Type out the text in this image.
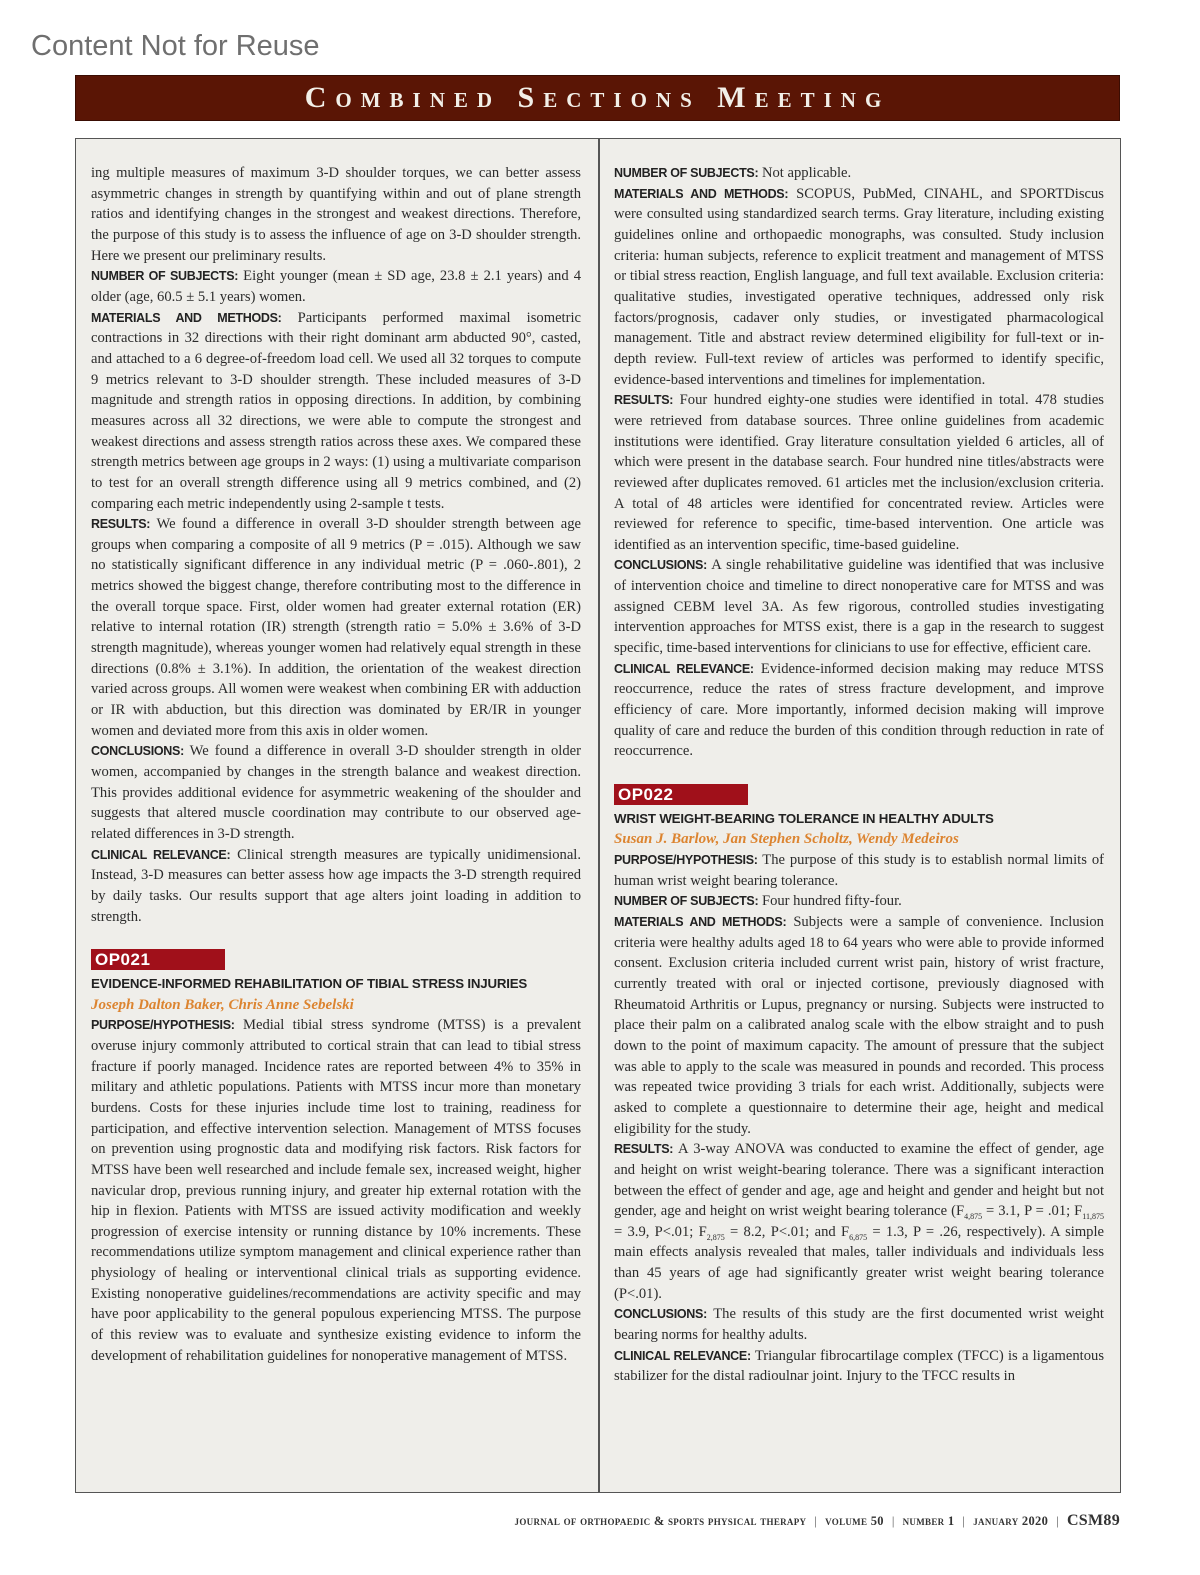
Content Not for Reuse
Combined Sections Meeting

ing multiple measures of maximum 3-D shoulder torques, we can better assess asymmetric changes in strength by quantifying within and out of plane strength ratios and identifying changes in the strongest and weakest directions. Therefore, the purpose of this study is to assess the influence of age on 3-D shoulder strength. Here we present our preliminary results.

NUMBER OF SUBJECTS: Eight younger (mean ± SD age, 23.8 ± 2.1 years) and 4 older (age, 60.5 ± 5.1 years) women.

MATERIALS AND METHODS: Participants performed maximal isometric contractions in 32 directions with their right dominant arm abducted 90°, casted, and attached to a 6 degree-of-freedom load cell. We used all 32 torques to compute 9 metrics relevant to 3-D shoulder strength. These included measures of 3-D magnitude and strength ratios in opposing directions. In addition, by combining measures across all 32 directions, we were able to compute the strongest and weakest directions and assess strength ratios across these axes. We compared these strength metrics between age groups in 2 ways: (1) using a multivariate comparison to test for an overall strength difference using all 9 metrics combined, and (2) comparing each metric independently using 2-sample t tests.

RESULTS: We found a difference in overall 3-D shoulder strength between age groups when comparing a composite of all 9 metrics (P = .015). Although we saw no statistically significant difference in any individual metric (P = .060-.801), 2 metrics showed the biggest change, therefore contributing most to the difference in the overall torque space. First, older women had greater external rotation (ER) relative to internal rotation (IR) strength (strength ratio = 5.0% ± 3.6% of 3-D strength magnitude), whereas younger women had relatively equal strength in these directions (0.8% ± 3.1%). In addition, the orientation of the weakest direction varied across groups. All women were weakest when combining ER with adduction or IR with abduction, but this direction was dominated by ER/IR in younger women and deviated more from this axis in older women.

CONCLUSIONS: We found a difference in overall 3-D shoulder strength in older women, accompanied by changes in the strength balance and weakest direction. This provides additional evidence for asymmetric weakening of the shoulder and suggests that altered muscle coordination may contribute to our observed age-related differences in 3-D strength.

CLINICAL RELEVANCE: Clinical strength measures are typically unidimensional. Instead, 3-D measures can better assess how age impacts the 3-D strength required by daily tasks. Our results support that age alters joint loading in addition to strength.

OP021
EVIDENCE-INFORMED REHABILITATION OF TIBIAL STRESS INJURIES
Joseph Dalton Baker, Chris Anne Sebelski

PURPOSE/HYPOTHESIS: Medial tibial stress syndrome (MTSS) is a prevalent overuse injury commonly attributed to cortical strain that can lead to tibial stress fracture if poorly managed. Incidence rates are reported between 4% to 35% in military and athletic populations. Patients with MTSS incur more than monetary burdens. Costs for these injuries include time lost to training, readiness for participation, and effective intervention selection. Management of MTSS focuses on prevention using prognostic data and modifying risk factors. Risk factors for MTSS have been well researched and include female sex, increased weight, higher navicular drop, previous running injury, and greater hip external rotation with the hip in flexion. Patients with MTSS are issued activity modification and weekly progression of exercise intensity or running distance by 10% increments. These recommendations utilize symptom management and clinical experience rather than physiology of healing or interventional clinical trials as supporting evidence. Existing nonoperative guidelines/recommendations are activity specific and may have poor applicability to the general populous experiencing MTSS. The purpose of this review was to evaluate and synthesize existing evidence to inform the development of rehabilitation guidelines for nonoperative management of MTSS.

NUMBER OF SUBJECTS: Not applicable.

MATERIALS AND METHODS: SCOPUS, PubMed, CINAHL, and SPORTDiscus were consulted using standardized search terms. Gray literature, including existing guidelines online and orthopaedic monographs, was consulted. Study inclusion criteria: human subjects, reference to explicit treatment and management of MTSS or tibial stress reaction, English language, and full text available. Exclusion criteria: qualitative studies, investigated operative techniques, addressed only risk factors/prognosis, cadaver only studies, or investigated pharmacological management. Title and abstract review determined eligibility for full-text or in-depth review. Full-text review of articles was performed to identify specific, evidence-based interventions and timelines for implementation.

RESULTS: Four hundred eighty-one studies were identified in total. 478 studies were retrieved from database sources. Three online guidelines from academic institutions were identified. Gray literature consultation yielded 6 articles, all of which were present in the database search. Four hundred nine titles/abstracts were reviewed after duplicates removed. 61 articles met the inclusion/exclusion criteria. A total of 48 articles were identified for concentrated review. Articles were reviewed for reference to specific, time-based intervention. One article was identified as an intervention specific, time-based guideline.

CONCLUSIONS: A single rehabilitative guideline was identified that was inclusive of intervention choice and timeline to direct nonoperative care for MTSS and was assigned CEBM level 3A. As few rigorous, controlled studies investigating intervention approaches for MTSS exist, there is a gap in the research to suggest specific, time-based interventions for clinicians to use for effective, efficient care.

CLINICAL RELEVANCE: Evidence-informed decision making may reduce MTSS reoccurrence, reduce the rates of stress fracture development, and improve efficiency of care. More importantly, informed decision making will improve quality of care and reduce the burden of this condition through reduction in rate of reoccurrence.

OP022
WRIST WEIGHT-BEARING TOLERANCE IN HEALTHY ADULTS
Susan J. Barlow, Jan Stephen Scholtz, Wendy Medeiros

PURPOSE/HYPOTHESIS: The purpose of this study is to establish normal limits of human wrist weight bearing tolerance.

NUMBER OF SUBJECTS: Four hundred fifty-four.

MATERIALS AND METHODS: Subjects were a sample of convenience. Inclusion criteria were healthy adults aged 18 to 64 years who were able to provide informed consent. Exclusion criteria included current wrist pain, history of wrist fracture, currently treated with oral or injected cortisone, previously diagnosed with Rheumatoid Arthritis or Lupus, pregnancy or nursing. Subjects were instructed to place their palm on a calibrated analog scale with the elbow straight and to push down to the point of maximum capacity. The amount of pressure that the subject was able to apply to the scale was measured in pounds and recorded. This process was repeated twice providing 3 trials for each wrist. Additionally, subjects were asked to complete a questionnaire to determine their age, height and medical eligibility for the study.

RESULTS: A 3-way ANOVA was conducted to examine the effect of gender, age and height on wrist weight-bearing tolerance. There was a significant interaction between the effect of gender and age, age and height and gender and height but not gender, age and height on wrist weight bearing tolerance ($F_{4,875} = 3.1$, P = .01; $F_{11,875} = 3.9$, P<.01; $F_{2,875} = 8.2$, P<.01; and $F_{6,875} = 1.3$, P = .26, respectively). A simple main effects analysis revealed that males, taller individuals and individuals less than 45 years of age had significantly greater wrist weight bearing tolerance (P<.01).

CONCLUSIONS: The results of this study are the first documented wrist weight bearing norms for healthy adults.

CLINICAL RELEVANCE: Triangular fibrocartilage complex (TFCC) is a ligamentous stabilizer for the distal radioulnar joint. Injury to the TFCC results in

journal of orthopaedic & sports physical therapy | volume 50 | number 1 | january 2020 | CSM89
